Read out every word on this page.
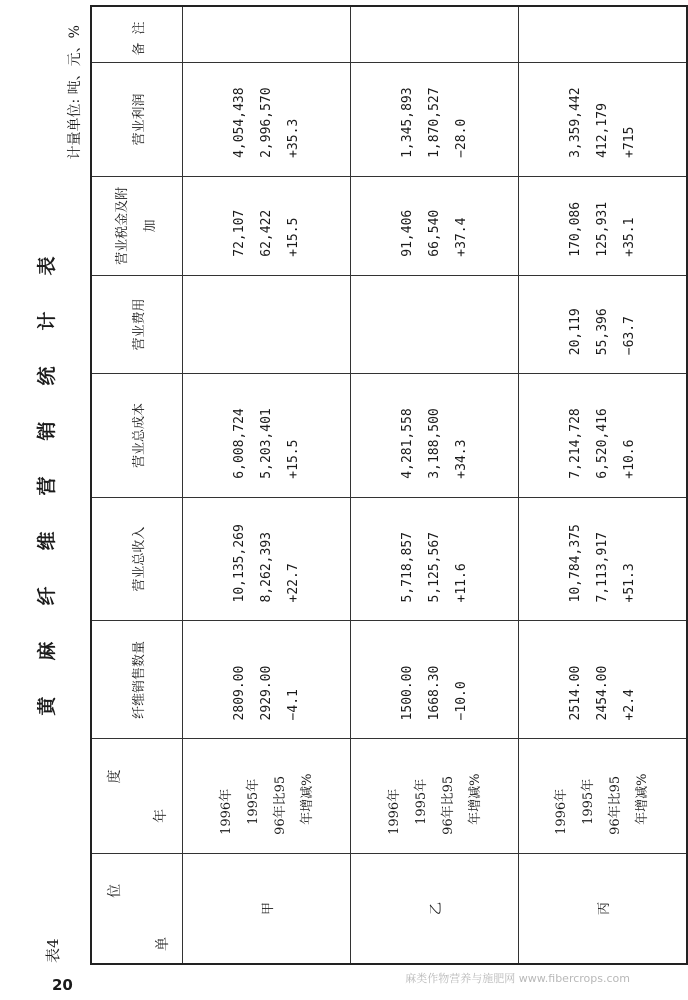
20	麻类作物营养与施肥网 www.fibercrops.com
表4
黄麻纤维营销统计表
计量单位: 吨、元、%
单
位	年
度	纤维销售数量	营业总收入	营业总成本	营业费用	营业税金及附加	营业利润	备注
甲	1996年 1995年 96年比95 年增减%	2809.00 2929.00 −4.1	10,135,269 8,262,393 +22.7	6,008,724 5,203,401 +15.5		72,107 62,422 +15.5	4,054,438 2,996,570 +35.3	

乙	1996年 1995年 96年比95 年增减%	1500.00 1668.30 −10.0	5,718,857 5,125,567 +11.6	4,281,558 3,188,500 +34.3		91,406 66,540 +37.4	1,345,893 1,870,527 −28.0	

丙	1996年 1995年 96年比95 年增减%	2514.00 2454.00 +2.4	10,784,375 7,113,917 +51.3	7,214,728 6,520,416 +10.6	20,119 55,396 −63.7	170,086 125,931 +35.1	3,359,442 412,179 +715	
